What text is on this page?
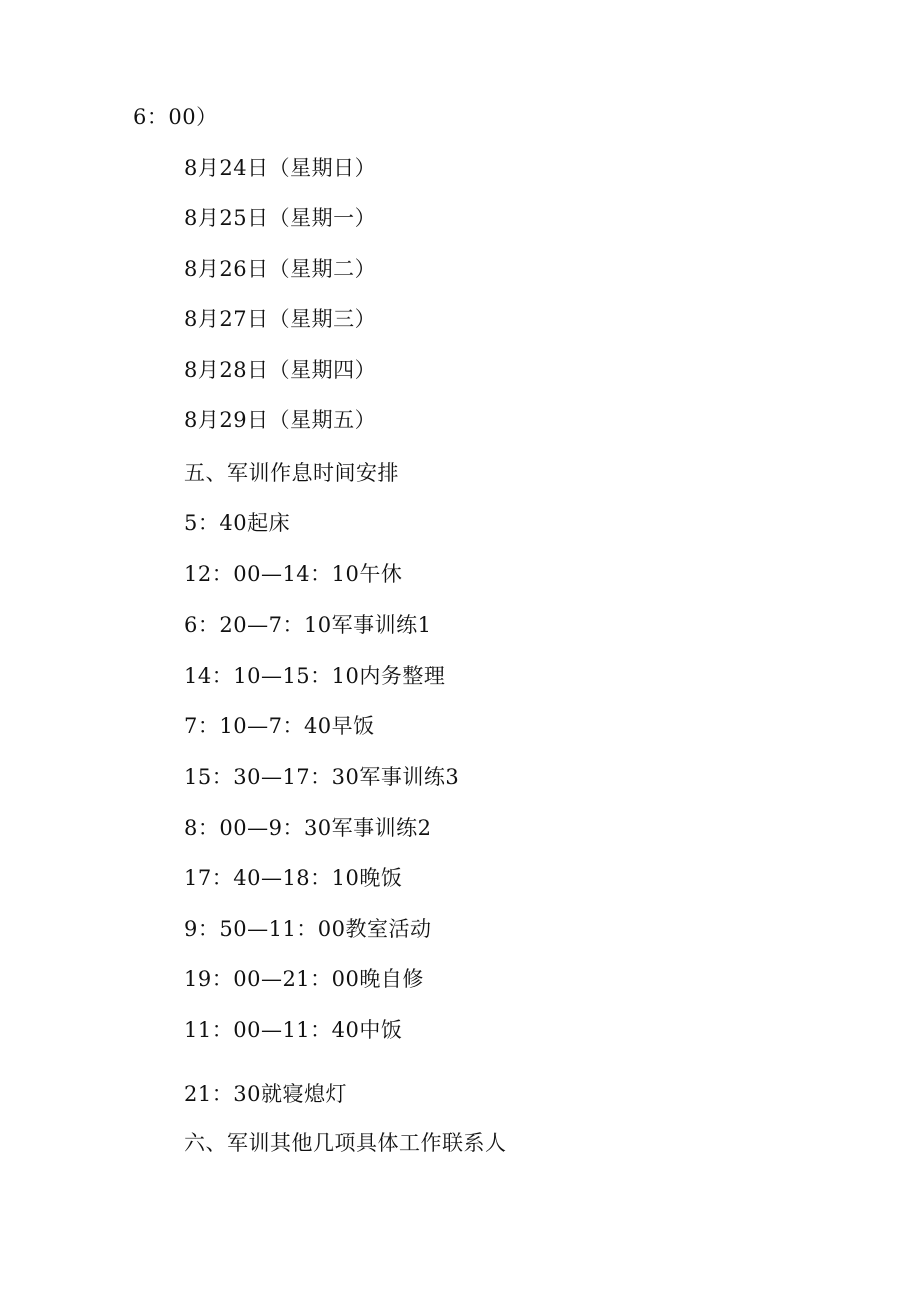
6：00）
8月24日（星期日）
8月25日（星期一）
8月26日（星期二）
8月27日（星期三）
8月28日（星期四）
8月29日（星期五）
五、军训作息时间安排
5：40起床
12：00—14：10午休
6：20—7：10军事训练1
14：10—15：10内务整理
7：10—7：40早饭
15：30—17：30军事训练3
8：00—9：30军事训练2
17：40—18：10晚饭
9：50—11：00教室活动
19：00—21：00晚自修
11：00—11：40中饭
21：30就寝熄灯
六、军训其他几项具体工作联系人
